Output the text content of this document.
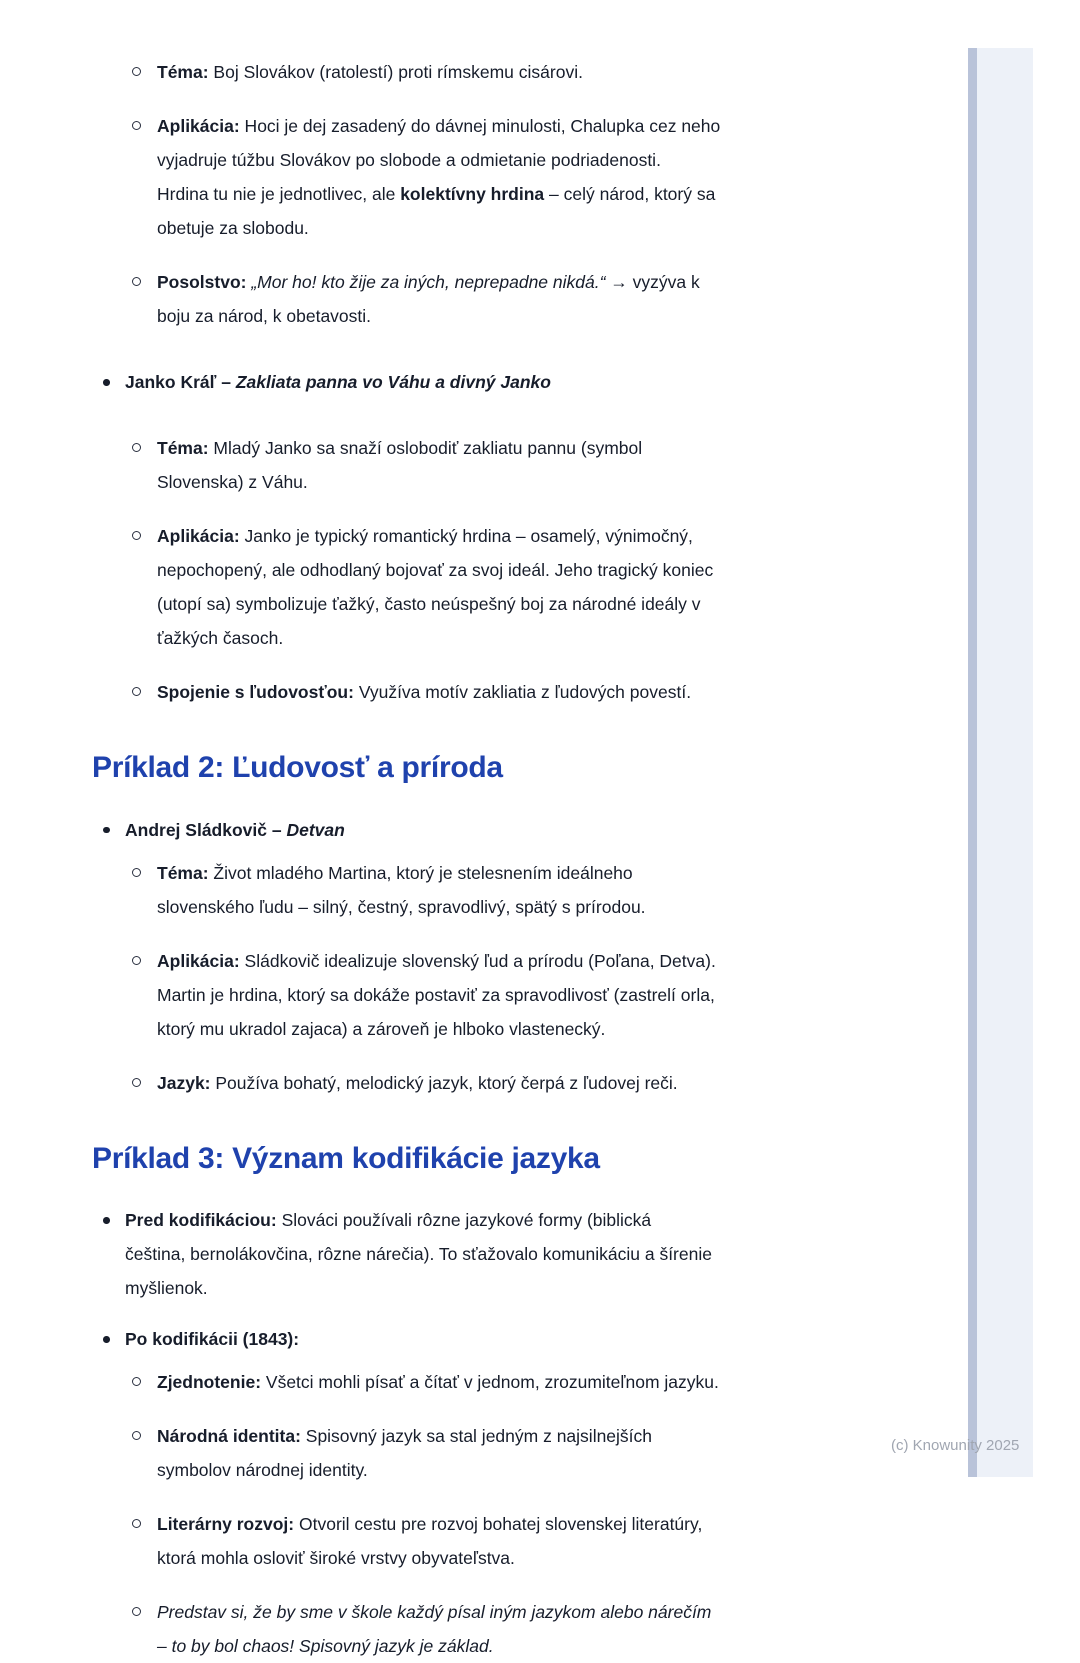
Téma: Boj Slovákov (ratolestí) proti rímskemu cisárovi.
Aplikácia: Hoci je dej zasadený do dávnej minulosti, Chalupka cez neho
vyjadruje túžbu Slovákov po slobode a odmietanie podriadenosti.
Hrdina tu nie je jednotlivec, ale kolektívny hrdina – celý národ, ktorý sa
obetuje za slobodu.
Posolstvo: „Mor ho! kto žije za iných, neprepadne nikdá.“ → vyzýva k
boju za národ, k obetavosti.
Janko Kráľ – Zakliata panna vo Váhu a divný Janko
Téma: Mladý Janko sa snaží oslobodiť zakliatu pannu (symbol
Slovenska) z Váhu.
Aplikácia: Janko je typický romantický hrdina – osamelý, výnimočný,
nepochopený, ale odhodlaný bojovať za svoj ideál. Jeho tragický koniec
(utopí sa) symbolizuje ťažký, často neúspešný boj za národné ideály v
ťažkých časoch.
Spojenie s ľudovosťou: Využíva motív zakliatia z ľudových povestí.
Príklad 2: Ľudovosť a príroda
Andrej Sládkovič – Detvan
Téma: Život mladého Martina, ktorý je stelesnením ideálneho
slovenského ľudu – silný, čestný, spravodlivý, spätý s prírodou.
Aplikácia: Sládkovič idealizuje slovenský ľud a prírodu (Poľana, Detva).
Martin je hrdina, ktorý sa dokáže postaviť za spravodlivosť (zastrelí orla,
ktorý mu ukradol zajaca) a zároveň je hlboko vlastenecký.
Jazyk: Používa bohatý, melodický jazyk, ktorý čerpá z ľudovej reči.
Príklad 3: Význam kodifikácie jazyka
Pred kodifikáciou: Slováci používali rôzne jazykové formy (biblická
čeština, bernolákovčina, rôzne nárečia). To sťažovalo komunikáciu a šírenie
myšlienok.
Po kodifikácii (1843):
Zjednotenie: Všetci mohli písať a čítať v jednom, zrozumiteľnom jazyku.
Národná identita: Spisovný jazyk sa stal jedným z najsilnejších
symbolov národnej identity.
Literárny rozvoj: Otvoril cestu pre rozvoj bohatej slovenskej literatúry,
ktorá mohla osloviť široké vrstvy obyvateľstva.
Predstav si, že by sme v škole každý písal iným jazykom alebo nárečím
– to by bol chaos! Spisovný jazyk je základ.
(c) Knowunity 2025
